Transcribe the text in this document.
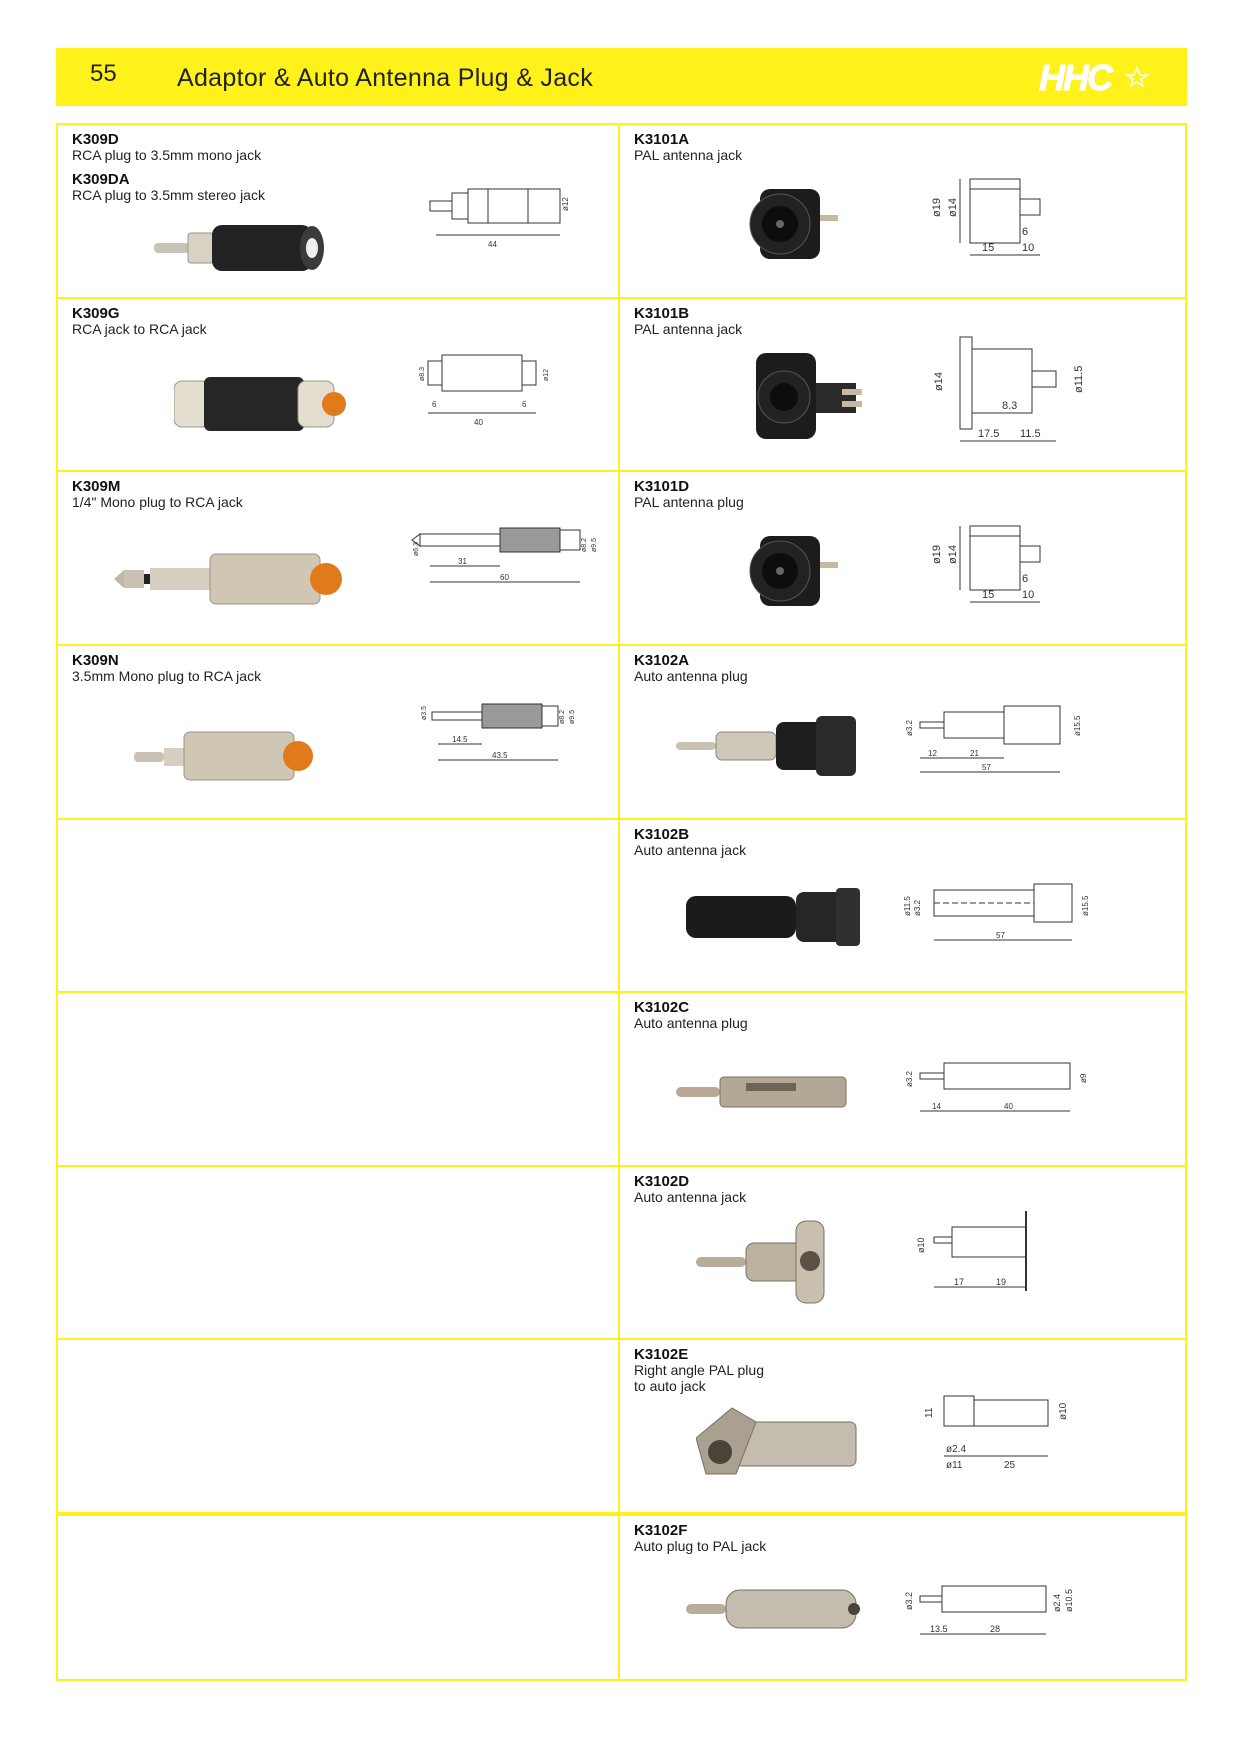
55 Adaptor & Auto Antenna Plug & Jack	HHC
K309D
RCA plug to 3.5mm mono jack
K309DA
RCA plug to 3.5mm stereo jack
44
ø12
K3101A
PAL antenna jack
ø19 ø14
6
15	10
K309G
RCA jack to RCA jack
ø8.3	ø12
6	6
40
K3101B
PAL antenna jack
ø14	ø11.5
8.3
17.5 11.5
K309M
1/4" Mono plug to RCA jack
ø6.3	ø8.2 ø9.5
31
60
K3101D
PAL antenna plug
ø19 ø14
6
15	10
K309N
3.5mm Mono plug to RCA jack
ø3.5	ø8.2 ø9.5
14.5
43.5
K3102A
Auto antenna plug
ø3.2	ø15.5
12	21
57
K3102B
Auto antenna jack
ø11.5 ø3.2	ø15.5
57
K3102C
Auto antenna plug
ø3.2	ø9
14	40
K3102D
Auto antenna jack
ø10
17	19
K3102E
Right angle PAL plug
to auto jack
11	ø10
ø2.4
ø11	25
K3102F
Auto plug to PAL jack
ø3.2	ø2.4 ø10.5
13.5	28
